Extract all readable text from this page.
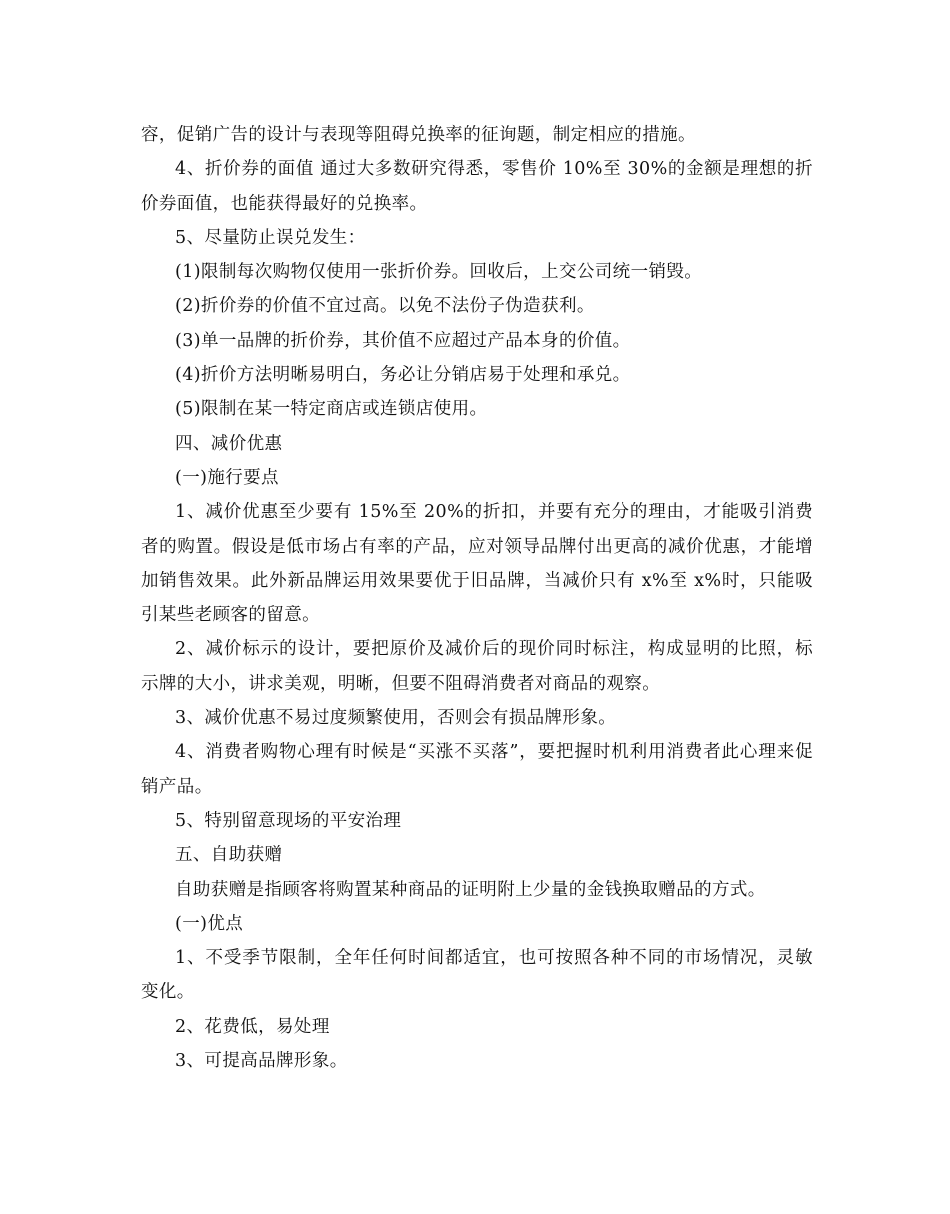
容，促销广告的设计与表现等阻碍兑换率的征询题，制定相应的措施。

4、折价券的面值 通过大多数研究得悉，零售价 10%至 30%的金额是理想的折价券面值，也能获得最好的兑换率。

5、尽量防止误兑发生：

(1)限制每次购物仅使用一张折价券。回收后，上交公司统一销毁。

(2)折价券的价值不宜过高。以免不法份子伪造获利。

(3)单一品牌的折价券，其价值不应超过产品本身的价值。

(4)折价方法明晰易明白，务必让分销店易于处理和承兑。

(5)限制在某一特定商店或连锁店使用。

四、减价优惠

(一)施行要点

1、减价优惠至少要有 15%至 20%的折扣，并要有充分的理由，才能吸引消费者的购置。假设是低市场占有率的产品，应对领导品牌付出更高的减价优惠，才能增加销售效果。此外新品牌运用效果要优于旧品牌，当减价只有 x%至 x%时，只能吸引某些老顾客的留意。

2、减价标示的设计，要把原价及减价后的现价同时标注，构成显明的比照，标示牌的大小，讲求美观，明晰，但要不阻碍消费者对商品的观察。

3、减价优惠不易过度频繁使用，否则会有损品牌形象。

4、消费者购物心理有时候是“买涨不买落”，要把握时机利用消费者此心理来促销产品。

5、特别留意现场的平安治理

五、自助获赠

自助获赠是指顾客将购置某种商品的证明附上少量的金钱换取赠品的方式。

(一)优点

1、不受季节限制，全年任何时间都适宜，也可按照各种不同的市场情况，灵敏变化。

2、花费低，易处理

3、可提高品牌形象。
